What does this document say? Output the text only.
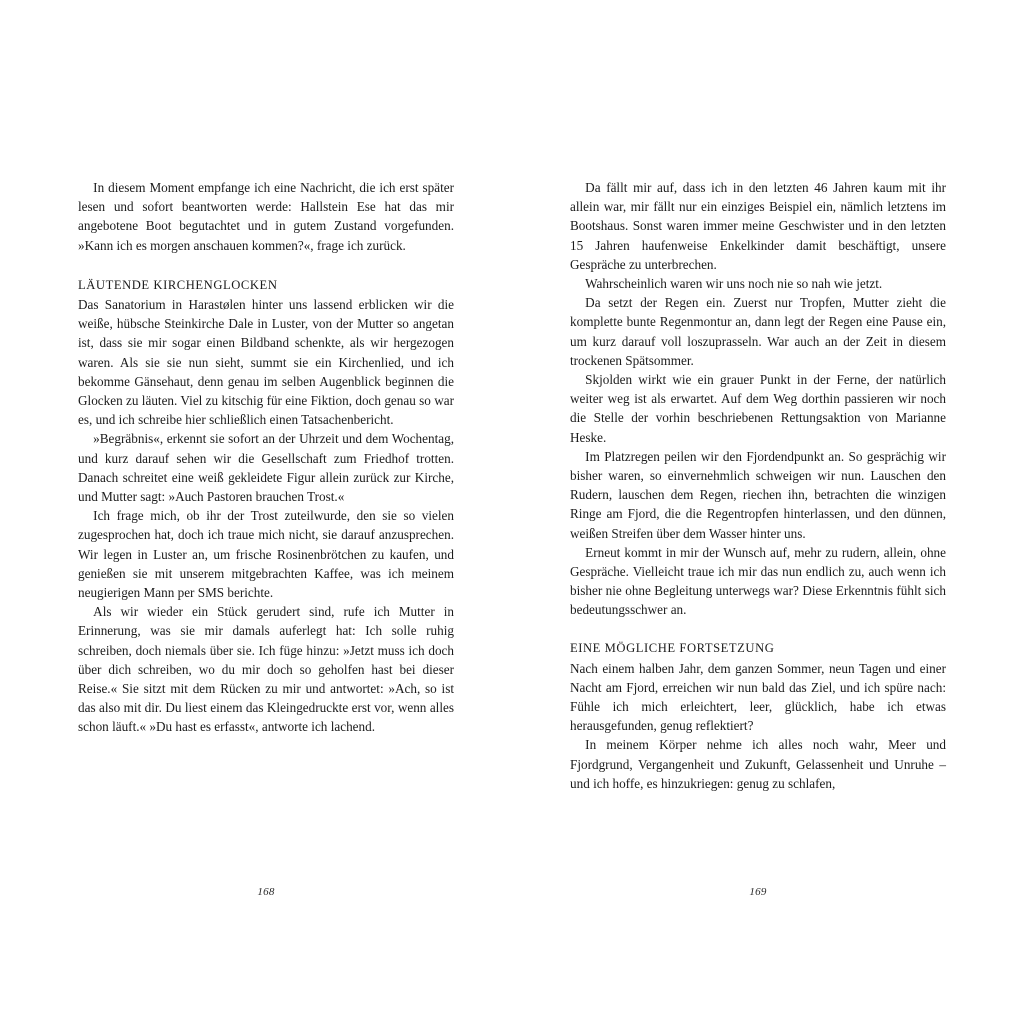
In diesem Moment empfange ich eine Nachricht, die ich erst später lesen und sofort beantworten werde: Hallstein Ese hat das mir angebotene Boot begutachtet und in gutem Zustand vorgefunden. »Kann ich es morgen anschauen kommen?«, frage ich zurück.

LÄUTENDE KIRCHENGLOCKEN

Das Sanatorium in Harastølen hinter uns lassend erblicken wir die weiße, hübsche Steinkirche Dale in Luster, von der Mutter so angetan ist, dass sie mir sogar einen Bildband schenkte, als wir hergezogen waren. Als sie sie nun sieht, summt sie ein Kirchenlied, und ich bekomme Gänsehaut, denn genau im selben Augenblick beginnen die Glocken zu läuten. Viel zu kitschig für eine Fiktion, doch genau so war es, und ich schreibe hier schließlich einen Tatsachenbericht.

»Begräbnis«, erkennt sie sofort an der Uhrzeit und dem Wochentag, und kurz darauf sehen wir die Gesellschaft zum Friedhof trotten. Danach schreitet eine weiß gekleidete Figur allein zurück zur Kirche, und Mutter sagt: »Auch Pastoren brauchen Trost.«

Ich frage mich, ob ihr der Trost zuteilwurde, den sie so vielen zugesprochen hat, doch ich traue mich nicht, sie darauf anzusprechen. Wir legen in Luster an, um frische Rosinenbrötchen zu kaufen, und genießen sie mit unserem mitgebrachten Kaffee, was ich meinem neugierigen Mann per SMS berichte.

Als wir wieder ein Stück gerudert sind, rufe ich Mutter in Erinnerung, was sie mir damals auferlegt hat: Ich solle ruhig schreiben, doch niemals über sie. Ich füge hinzu: »Jetzt muss ich doch über dich schreiben, wo du mir doch so geholfen hast bei dieser Reise.« Sie sitzt mit dem Rücken zu mir und antwortet: »Ach, so ist das also mit dir. Du liest einem das Kleingedruckte erst vor, wenn alles schon läuft.« »Du hast es erfasst«, antworte ich lachend.

168

Da fällt mir auf, dass ich in den letzten 46 Jahren kaum mit ihr allein war, mir fällt nur ein einziges Beispiel ein, nämlich letztens im Bootshaus. Sonst waren immer meine Geschwister und in den letzten 15 Jahren haufenweise Enkelkinder damit beschäftigt, unsere Gespräche zu unterbrechen.

Wahrscheinlich waren wir uns noch nie so nah wie jetzt.

Da setzt der Regen ein. Zuerst nur Tropfen, Mutter zieht die komplette bunte Regenmontur an, dann legt der Regen eine Pause ein, um kurz darauf voll loszuprasseln. War auch an der Zeit in diesem trockenen Spätsommer.

Skjolden wirkt wie ein grauer Punkt in der Ferne, der natürlich weiter weg ist als erwartet. Auf dem Weg dorthin passieren wir noch die Stelle der vorhin beschriebenen Rettungsaktion von Marianne Heske.

Im Platzregen peilen wir den Fjordendpunkt an. So gesprächig wir bisher waren, so einvernehmlich schweigen wir nun. Lauschen den Rudern, lauschen dem Regen, riechen ihn, betrachten die winzigen Ringe am Fjord, die die Regentropfen hinterlassen, und den dünnen, weißen Streifen über dem Wasser hinter uns.

Erneut kommt in mir der Wunsch auf, mehr zu rudern, allein, ohne Gespräche. Vielleicht traue ich mir das nun endlich zu, auch wenn ich bisher nie ohne Begleitung unterwegs war? Diese Erkenntnis fühlt sich bedeutungsschwer an.

EINE MÖGLICHE FORTSETZUNG

Nach einem halben Jahr, dem ganzen Sommer, neun Tagen und einer Nacht am Fjord, erreichen wir nun bald das Ziel, und ich spüre nach: Fühle ich mich erleichtert, leer, glücklich, habe ich etwas herausgefunden, genug reflektiert?

In meinem Körper nehme ich alles noch wahr, Meer und Fjordgrund, Vergangenheit und Zukunft, Gelassenheit und Unruhe – und ich hoffe, es hinzukriegen: genug zu schlafen,

169
